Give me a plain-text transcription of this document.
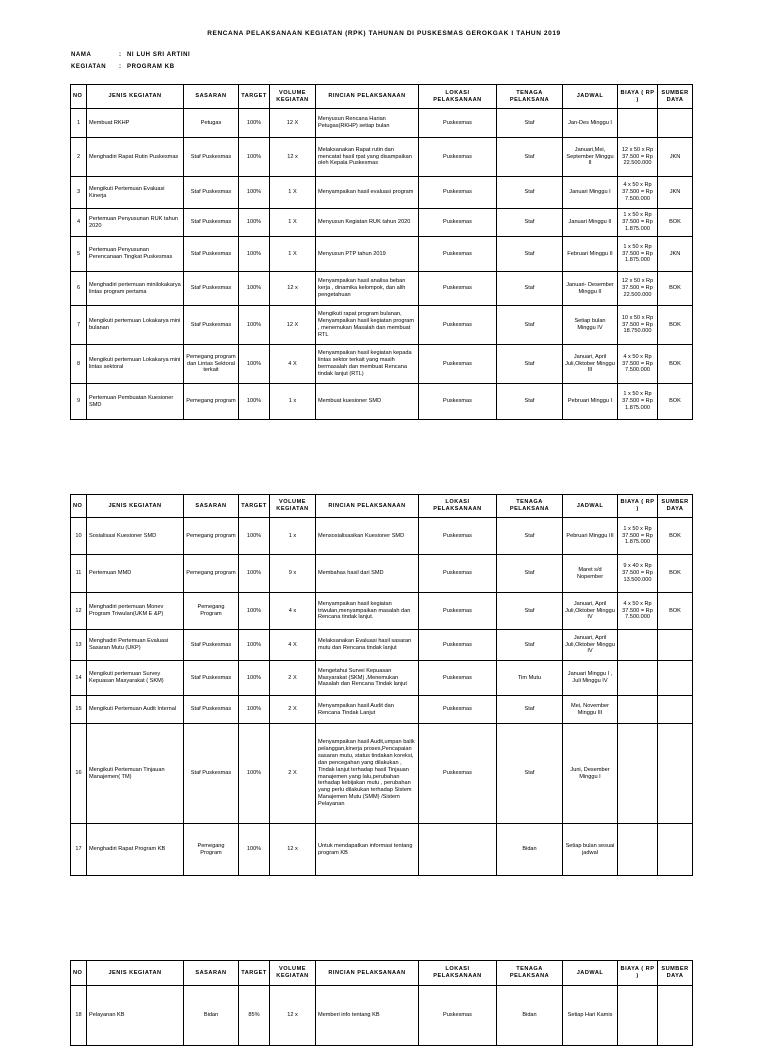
RENCANA PELAKSANAAN KEGIATAN (RPK) TAHUNAN DI PUSKESMAS GEROKGAK I TAHUN 2019
NAMA	: NI LUH SRI ARTINI
KEGIATAN : PROGRAM KB
NO	JENIS KEGIATAN	SASARAN	TARGET	VOLUME KEGIATAN	RINCIAN PELAKSANAAN	LOKASI PELAKSANAAN	TENAGA PELAKSANA	JADWAL	BIAYA ( RP )	SUMBER DAYA
1	Membuat RKHP	Petugas	100%	12 X	Menyusun Rencana Harian Petugas(RKHP) setiap bulan	Puskesmas	Staf	Jan-Des Minggu I		
2	Menghadiri Rapat Rutin Puskesmas	Staf Puskesmas	100%	12 x	Melaksanakan Rapat rutin dan mencatat hasil rpat yang disampaikan oleh Kepala Puskesmas	Puskesmas	Staf	Januari,Mei, September Minggu II	12 x 50 x Rp 37.500 = Rp 22.500.000	JKN
3	Mengikuti Pertemuan Evaluasi Kinerja	Staf Puskesmas	100%	1 X	Menyampaikan hasil evaluasi program	Puskesmas	Staf	Januari Minggu I	4 x 50 x Rp 37.500 = Rp 7.500.000	JKN
4	Pertemuan Penyusunan RUK tahun 2020	Staf Puskesmas	100%	1 X	Menyusun Kegiatan RUK tahun 2020	Puskesmas	Staf	Januari Minggu II	1 x 50 x Rp 37.500 = Rp 1.875.000	BOK
5	Pertemuan Penyusunan Perencanaan Tingkat Puskesmas	Staf Puskesmas	100%	1 X	Menyusun PTP tahun 2019	Puskesmas	Staf	Februari Minggu II	1 x 50 x Rp 37.500 = Rp 1.875.000	JKN
6	Menghadiri pertemuan minilokakarya lintas program pertama	Staf Puskesmas	100%	12 x	Menyampaikan hasil analisa beban kerja , dinamika kelompok, dan alih pengetahuan	Puskesmas	Staf	Januari- Desember Minggu II	12 x 50 x Rp 37.500 = Rp 22.500.000	BOK
7	Mengikuti pertemuan Lokakarya mini bulanan	Staf Puskesmas	100%	12 X	Mengikuti rapat program bulanan, Menyampaikan hasil kegiatan program , menemukan Masalah dan membuat RTL	Puskesmas	Staf	Setiap bulan Minggu IV	10 x 50 x Rp 37.500 = Rp 18.750.000	BOK
8	Mengikuti pertemuan Lokakarya mini lintas sektoral	Pemegang program dan Lintas Sektoral terkait	100%	4 X	Menyampaikan hasil kegiatan kepada lintas sektor terkait yang masih bermasalah dan membuat Rencana tindak lanjut (RTL)	Puskesmas	Staf	Januari, April Juli,Oktober Minggu III	4 x 50 x Rp 37.500 = Rp 7.500.000	BOK
9	Pertemuan Pembuatan Kuesioner SMD	Pemegang program	100%	1 x	Membuat kuesioner SMD	Puskesmas	Staf	Pebruari Minggu I	1 x 50 x Rp 37.500 = Rp 1.875.000	BOK
NO	JENIS KEGIATAN	SASARAN	TARGET	VOLUME KEGIATAN	RINCIAN PELAKSANAAN	LOKASI PELAKSANAAN	TENAGA PELAKSANA	JADWAL	BIAYA ( RP )	SUMBER DAYA
10	Sosialisasi Kuesioner SMD	Pemegang program	100%	1 x	Mensosialisasikan Kuesioner SMD	Puskesmas	Staf	Pebruari Minggu III	1 x 50 x Rp 37.500 = Rp 1.875.000	BOK
11	Pertemuan MMD	Pemegang program	100%	9 x	Membahas hasil dari SMD	Puskesmas	Staf	Maret s/d Nopember	9 x 40 x Rp 37.500 = Rp 13.500.000	BOK
12	Menghadiri pertemuan Monev Program Triwulan(UKM E &P)	Pemegang Program	100%	4 x	Menyampaikan hasil kegiatan triwulan,menyampaikan masalah dan Rencana tindak lanjut.	Puskesmas	Staf	Januari, April Juli,Oktober Minggu IV	4 x 50 x Rp 37.500 = Rp 7.500.000	BOK
13	Menghadiri Pertemuan Evaluasi Sasaran Mutu (UKP)	Staf Puskesmas	100%	4 X	Melaksanakan Evaluasi hasil sasaran mutu dan Rencana tindak lanjut	Puskesmas	Staf	Januari, April Juli,Oktober Minggu IV		
14	Mengikuti pertemuan Survey Kepuasan Masyarakat ( SKM)	Staf Puskesmas	100%	2 X	Mengetahui Survei Kepuasan Masyarakat (SKM) ,Menemukan Masalah dan Rencana Tindak lanjut	Puskesmas	Tim Mutu	Januari Minggu I , Juli Minggu IV		
15	Mengikuti Pertemuan Audit Internal	Staf Puskesmas	100%	2 X	Menyampaikan hasil Audit dan Rencana Tindak Lanjut	Puskesmas	Staf	Mei, November Minggu III		
16	Mengikuti Pertemuan Tinjauan Manajemen( TM)	Staf Puskesmas	100%	2 X	Menyampaikan hasil Audit,umpan balik pelanggan,kinerja proses,Pencapaian sasaran mutu, status tindakan koreksi, dan pencegahan yang dilakukan , Tindak lanjut terhadap hasil Tinjauan manajemen yang lalu,perubahan terhadap kebijakan mutu , perubahan yang perlu dilakukan terhadap Sistem Manajemen Mutu (SMM) /Sistem Pelayanan	Puskesmas	Staf	Juni, Desember Minggu I		
17	Menghadiri Rapat Program KB	Pemegang Program	100%	12 x	Untuk mendapatkan informasi tentang program KB		Bidan	Setiap bulan sesuai jadwal		
NO	JENIS KEGIATAN	SASARAN	TARGET	VOLUME KEGIATAN	RINCIAN PELAKSANAAN	LOKASI PELAKSANAAN	TENAGA PELAKSANA	JADWAL	BIAYA ( RP )	SUMBER DAYA
18	Pelayanan KB	Bidan	85%	12 x	Memberi info tentang KB	Puskesmas	Bidan	Setiap Hari Kamis		
